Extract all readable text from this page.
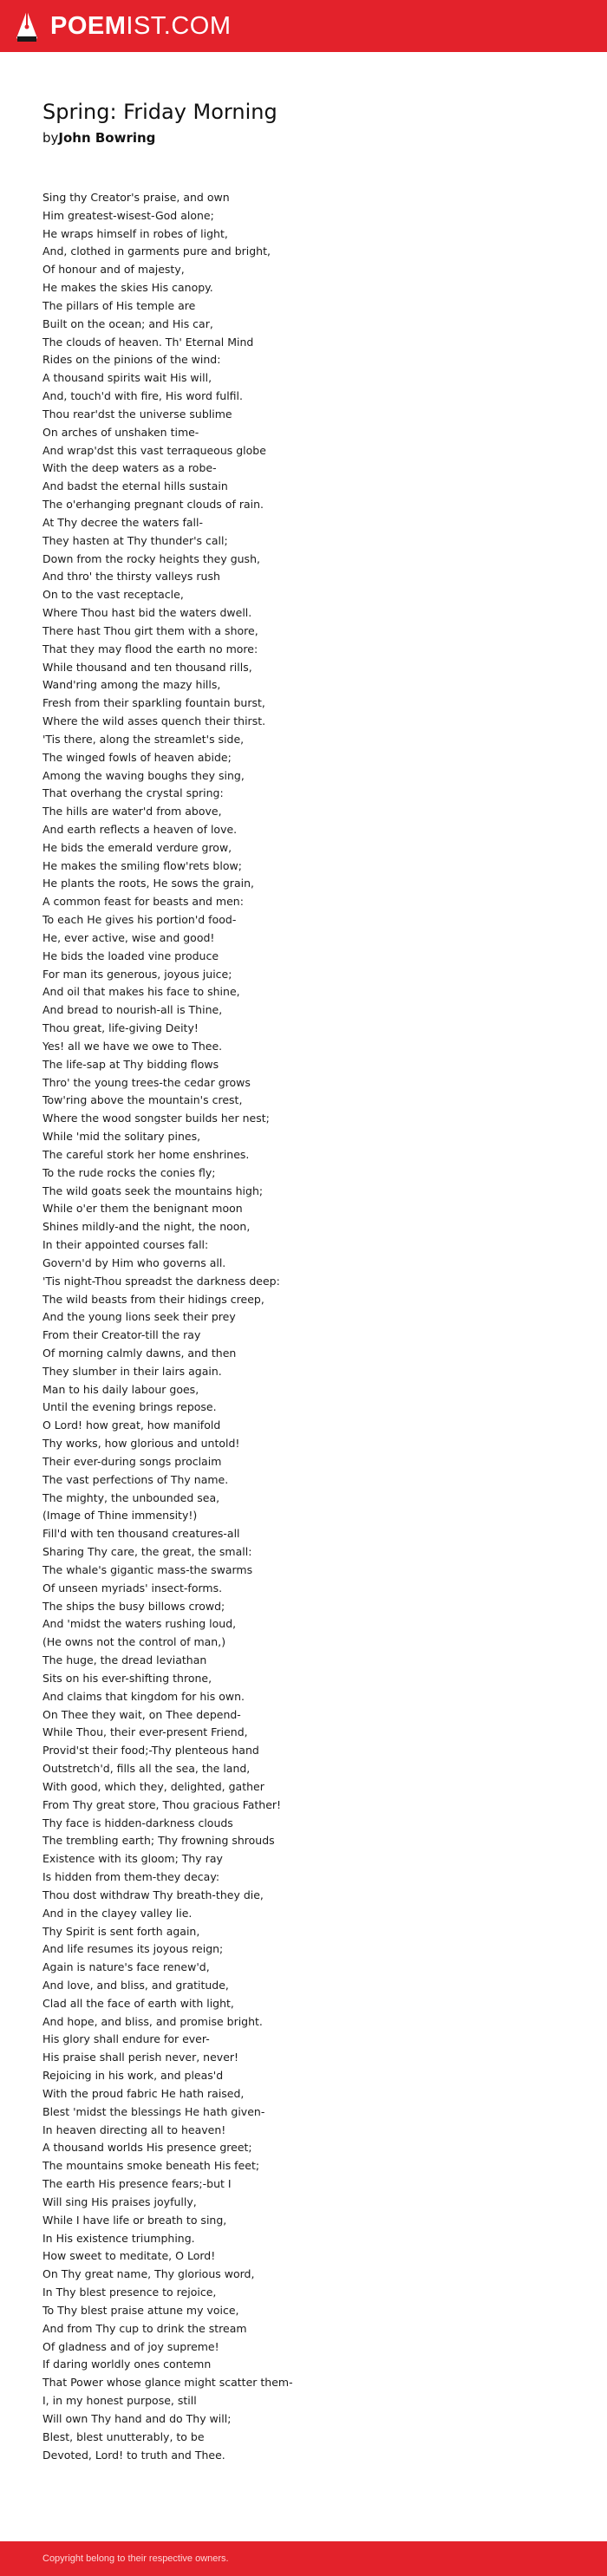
POEMIST.COM
Spring: Friday Morning
byJohn Bowring
Sing thy Creator's praise, and own
Him greatest-wisest-God alone;
He wraps himself in robes of light,
And, clothed in garments pure and bright,
Of honour and of majesty,
He makes the skies His canopy.
The pillars of His temple are
Built on the ocean; and His car,
The clouds of heaven. Th' Eternal Mind
Rides on the pinions of the wind:
A thousand spirits wait His will,
And, touch'd with fire, His word fulfil.
Thou rear'dst the universe sublime
On arches of unshaken time-
And wrap'dst this vast terraqueous globe
With the deep waters as a robe-
And badst the eternal hills sustain
The o'erhanging pregnant clouds of rain.
At Thy decree the waters fall-
They hasten at Thy thunder's call;
Down from the rocky heights they gush,
And thro' the thirsty valleys rush
On to the vast receptacle,
Where Thou hast bid the waters dwell.
There hast Thou girt them with a shore,
That they may flood the earth no more:
While thousand and ten thousand rills,
Wand'ring among the mazy hills,
Fresh from their sparkling fountain burst,
Where the wild asses quench their thirst.
'Tis there, along the streamlet's side,
The winged fowls of heaven abide;
Among the waving boughs they sing,
That overhang the crystal spring:
The hills are water'd from above,
And earth reflects a heaven of love.
He bids the emerald verdure grow,
He makes the smiling flow'rets blow;
He plants the roots, He sows the grain,
A common feast for beasts and men:
To each He gives his portion'd food-
He, ever active, wise and good!
He bids the loaded vine produce
For man its generous, joyous juice;
And oil that makes his face to shine,
And bread to nourish-all is Thine,
Thou great, life-giving Deity!
Yes! all we have we owe to Thee.
The life-sap at Thy bidding flows
Thro' the young trees-the cedar grows
Tow'ring above the mountain's crest,
Where the wood songster builds her nest;
While 'mid the solitary pines,
The careful stork her home enshrines.
To the rude rocks the conies fly;
The wild goats seek the mountains high;
While o'er them the benignant moon
Shines mildly-and the night, the noon,
In their appointed courses fall:
Govern'd by Him who governs all.
'Tis night-Thou spreadst the darkness deep:
The wild beasts from their hidings creep,
And the young lions seek their prey
From their Creator-till the ray
Of morning calmly dawns, and then
They slumber in their lairs again.
Man to his daily labour goes,
Until the evening brings repose.
O Lord! how great, how manifold
Thy works, how glorious and untold!
Their ever-during songs proclaim
The vast perfections of Thy name.
The mighty, the unbounded sea,
(Image of Thine immensity!)
Fill'd with ten thousand creatures-all
Sharing Thy care, the great, the small:
The whale's gigantic mass-the swarms
Of unseen myriads' insect-forms.
The ships the busy billows crowd;
And 'midst the waters rushing loud,
(He owns not the control of man,)
The huge, the dread leviathan
Sits on his ever-shifting throne,
And claims that kingdom for his own.
On Thee they wait, on Thee depend-
While Thou, their ever-present Friend,
Provid'st their food;-Thy plenteous hand
Outstretch'd, fills all the sea, the land,
With good, which they, delighted, gather
From Thy great store, Thou gracious Father!
Thy face is hidden-darkness clouds
The trembling earth; Thy frowning shrouds
Existence with its gloom; Thy ray
Is hidden from them-they decay:
Thou dost withdraw Thy breath-they die,
And in the clayey valley lie.
Thy Spirit is sent forth again,
And life resumes its joyous reign;
Again is nature's face renew'd,
And love, and bliss, and gratitude,
Clad all the face of earth with light,
And hope, and bliss, and promise bright.
His glory shall endure for ever-
His praise shall perish never, never!
Rejoicing in his work, and pleas'd
With the proud fabric He hath raised,
Blest 'midst the blessings He hath given-
In heaven directing all to heaven!
A thousand worlds His presence greet;
The mountains smoke beneath His feet;
The earth His presence fears;-but I
Will sing His praises joyfully,
While I have life or breath to sing,
In His existence triumphing.
How sweet to meditate, O Lord!
On Thy great name, Thy glorious word,
In Thy blest presence to rejoice,
To Thy blest praise attune my voice,
And from Thy cup to drink the stream
Of gladness and of joy supreme!
If daring worldly ones contemn
That Power whose glance might scatter them-
I, in my honest purpose, still
Will own Thy hand and do Thy will;
Blest, blest unutterably, to be
Devoted, Lord! to truth and Thee.
Copyright belong to their respective owners.
